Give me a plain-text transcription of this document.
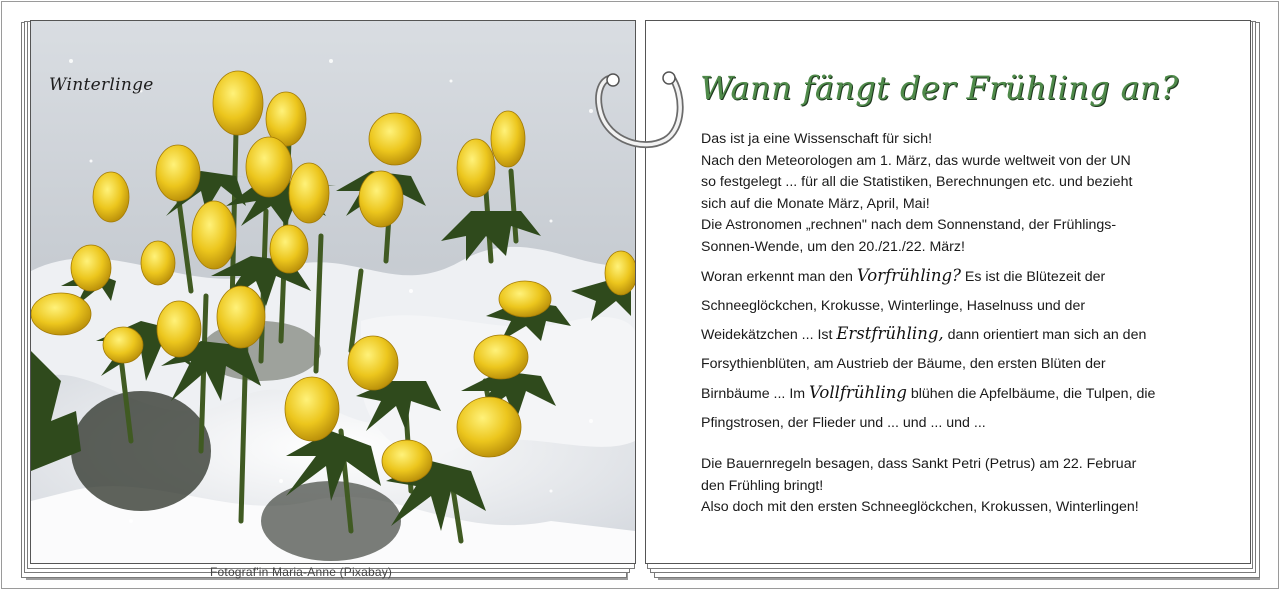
Winterlinge
Fotograf'in Maria-Anne (Pixabay)
Wann fängt der Frühling an?

Das ist ja eine Wissenschaft für sich!
Nach den Meteorologen am 1. März, das wurde weltweit von der UN
so festgelegt ... für all die Statistiken, Berechnungen etc. und bezieht
sich auf die Monate März, April, Mai!
Die Astronomen „rechnen" nach dem Sonnenstand, der Frühlings-
Sonnen-Wende, um den 20./21./22. März!

Woran erkennt man den Vorfrühling? Es ist die Blütezeit der
Schneeglöckchen, Krokusse, Winterlinge, Haselnuss und der
Weidekätzchen ... Ist Erstfrühling, dann orientiert man sich an den
Forsythienblüten, am Austrieb der Bäume, den ersten Blüten der
Birnbäume ... Im Vollfrühling blühen die Apfelbäume, die Tulpen, die
Pfingstrosen, der Flieder und ... und ... und ...

Die Bauernregeln besagen, dass Sankt Petri (Petrus) am 22. Februar
den Frühling bringt!
Also doch mit den ersten Schneeglöckchen, Krokussen, Winterlingen!
